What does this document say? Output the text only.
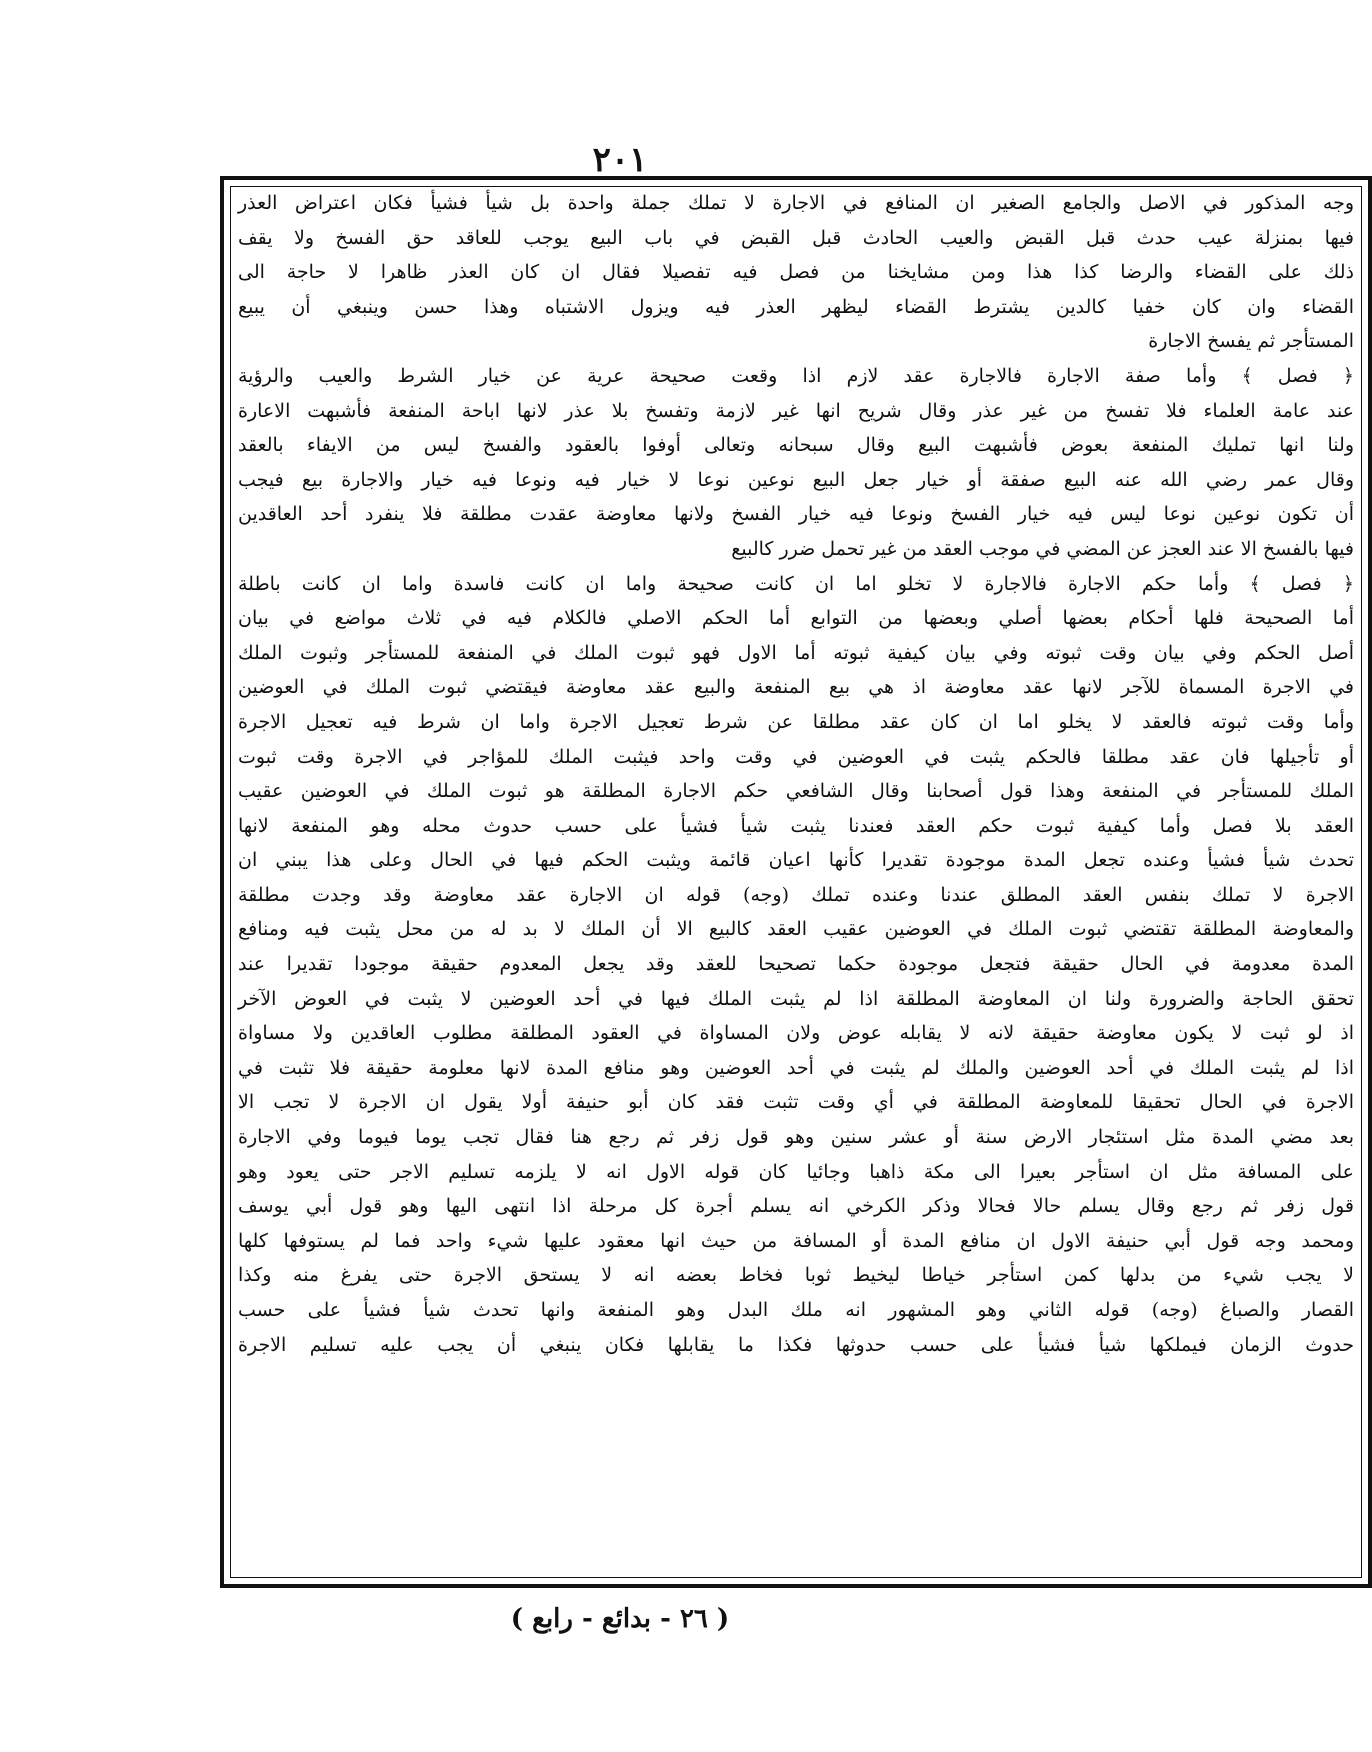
٢٠١
وجه المذكور في الاصل والجامع الصغير ان المنافع في الاجارة لا تملك جملة واحدة بل شيأ فشيأ فكان اعتراض العذر
فيها بمنزلة عيب حدث قبل القبض والعيب الحادث قبل القبض في باب البيع يوجب للعاقد حق الفسخ ولا يقف
ذلك على القضاء والرضا كذا هذا ومن مشايخنا من فصل فيه تفصيلا فقال ان كان العذر ظاهرا لا حاجة الى
القضاء وان كان خفيا كالدين يشترط القضاء ليظهر العذر فيه ويزول الاشتباه وهذا حسن وينبغي أن يبيع
المستأجر ثم يفسخ الاجارة
﴿ فصل ﴾ وأما صفة الاجارة فالاجارة عقد لازم اذا وقعت صحيحة عرية عن خيار الشرط والعيب والرؤية
عند عامة العلماء فلا تفسخ من غير عذر وقال شريح انها غير لازمة وتفسخ بلا عذر لانها اباحة المنفعة فأشبهت الاعارة
ولنا انها تمليك المنفعة بعوض فأشبهت البيع وقال سبحانه وتعالى أوفوا بالعقود والفسخ ليس من الايفاء بالعقد
وقال عمر رضي الله عنه البيع صفقة أو خيار جعل البيع نوعين نوعا لا خيار فيه ونوعا فيه خيار والاجارة بيع فيجب
أن تكون نوعين نوعا ليس فيه خيار الفسخ ونوعا فيه خيار الفسخ ولانها معاوضة عقدت مطلقة فلا ينفرد أحد العاقدين
فيها بالفسخ الا عند العجز عن المضي في موجب العقد من غير تحمل ضرر كالبيع
﴿ فصل ﴾ وأما حكم الاجارة فالاجارة لا تخلو اما ان كانت صحيحة واما ان كانت فاسدة واما ان كانت باطلة
أما الصحيحة فلها أحكام بعضها أصلي وبعضها من التوابع أما الحكم الاصلي فالكلام فيه في ثلاث مواضع في بيان
أصل الحكم وفي بيان وقت ثبوته وفي بيان كيفية ثبوته أما الاول فهو ثبوت الملك في المنفعة للمستأجر وثبوت الملك
في الاجرة المسماة للآجر لانها عقد معاوضة اذ هي بيع المنفعة والبيع عقد معاوضة فيقتضي ثبوت الملك في العوضين
وأما وقت ثبوته فالعقد لا يخلو اما ان كان عقد مطلقا عن شرط تعجيل الاجرة واما ان شرط فيه تعجيل الاجرة
أو تأجيلها فان عقد مطلقا فالحكم يثبت في العوضين في وقت واحد فيثبت الملك للمؤاجر في الاجرة وقت ثبوت
الملك للمستأجر في المنفعة وهذا قول أصحابنا وقال الشافعي حكم الاجارة المطلقة هو ثبوت الملك في العوضين عقيب
العقد بلا فصل وأما كيفية ثبوت حكم العقد فعندنا يثبت شيأ فشيأ على حسب حدوث محله وهو المنفعة لانها
تحدث شيأ فشيأ وعنده تجعل المدة موجودة تقديرا كأنها اعيان قائمة ويثبت الحكم فيها في الحال وعلى هذا يبني ان
الاجرة لا تملك بنفس العقد المطلق عندنا وعنده تملك (وجه) قوله ان الاجارة عقد معاوضة وقد وجدت مطلقة
والمعاوضة المطلقة تقتضي ثبوت الملك في العوضين عقيب العقد كالبيع الا أن الملك لا بد له من محل يثبت فيه ومنافع
المدة معدومة في الحال حقيقة فتجعل موجودة حكما تصحيحا للعقد وقد يجعل المعدوم حقيقة موجودا تقديرا عند
تحقق الحاجة والضرورة ولنا ان المعاوضة المطلقة اذا لم يثبت الملك فيها في أحد العوضين لا يثبت في العوض الآخر
اذ لو ثبت لا يكون معاوضة حقيقة لانه لا يقابله عوض ولان المساواة في العقود المطلقة مطلوب العاقدين ولا مساواة
اذا لم يثبت الملك في أحد العوضين والملك لم يثبت في أحد العوضين وهو منافع المدة لانها معلومة حقيقة فلا تثبت في
الاجرة في الحال تحقيقا للمعاوضة المطلقة في أي وقت تثبت فقد كان أبو حنيفة أولا يقول ان الاجرة لا تجب الا
بعد مضي المدة مثل استئجار الارض سنة أو عشر سنين وهو قول زفر ثم رجع هنا فقال تجب يوما فيوما وفي الاجارة
على المسافة مثل ان استأجر بعيرا الى مكة ذاهبا وجائيا كان قوله الاول انه لا يلزمه تسليم الاجر حتى يعود وهو
قول زفر ثم رجع وقال يسلم حالا فحالا وذكر الكرخي انه يسلم أجرة كل مرحلة اذا انتهى اليها وهو قول أبي يوسف
ومحمد وجه قول أبي حنيفة الاول ان منافع المدة أو المسافة من حيث انها معقود عليها شيء واحد فما لم يستوفها كلها
لا يجب شيء من بدلها كمن استأجر خياطا ليخيط ثوبا فخاط بعضه انه لا يستحق الاجرة حتى يفرغ منه وكذا
القصار والصباغ (وجه) قوله الثاني وهو المشهور انه ملك البدل وهو المنفعة وانها تحدث شيأ فشيأ على حسب
حدوث الزمان فيملكها شيأ فشيأ على حسب حدوثها فكذا ما يقابلها فكان ينبغي أن يجب عليه تسليم الاجرة
( ٢٦ - بدائع - رابع )
